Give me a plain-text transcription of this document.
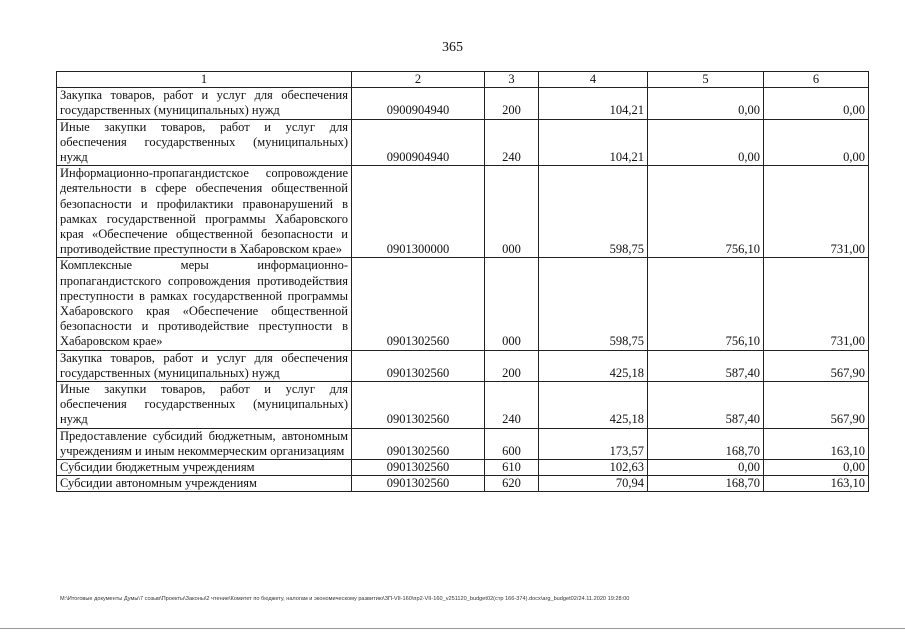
365
1	2	3	4	5	6
Закупка товаров, работ и услуг для обеспечения государственных (муниципальных) нужд	0900904940	200	104,21	0,00	0,00
Иные закупки товаров, работ и услуг для обеспечения государственных (муниципальных) нужд	0900904940	240	104,21	0,00	0,00
Информационно-пропагандистское сопровождение деятельности в сфере обеспечения общественной безопасности и профилактики правонарушений в рамках государственной программы Хабаровского края «Обеспечение общественной безопасности и противодействие преступности в Хабаровском крае»	0901300000	000	598,75	756,10	731,00
Комплексные меры информационно-пропагандистского сопровождения противодействия преступности в рамках государственной программы Хабаровского края «Обеспечение общественной безопасности и противодействие преступности в Хабаровском крае»	0901302560	000	598,75	756,10	731,00
Закупка товаров, работ и услуг для обеспечения государственных (муниципальных) нужд	0901302560	200	425,18	587,40	567,90
Иные закупки товаров, работ и услуг для обеспечения государственных (муниципальных) нужд	0901302560	240	425,18	587,40	567,90
Предоставление субсидий бюджетным, автономным учреждениям и иным некоммерческим организациям	0901302560	600	173,57	168,70	163,10
Субсидии бюджетным учреждениям	0901302560	610	102,63	0,00	0,00
Субсидии автономным учреждениям	0901302560	620	70,94	168,70	163,10
M:\Итоговые документы Думы\7 созыв\Проекты\Законы\2 чтение\Комитет по бюджету, налогам и экономическому развитию\ЗП-VII-160\пр2-VII-160_v251120_budget02(стр 166-374).docx\arg_budget02/24.11.2020 19:28:00
